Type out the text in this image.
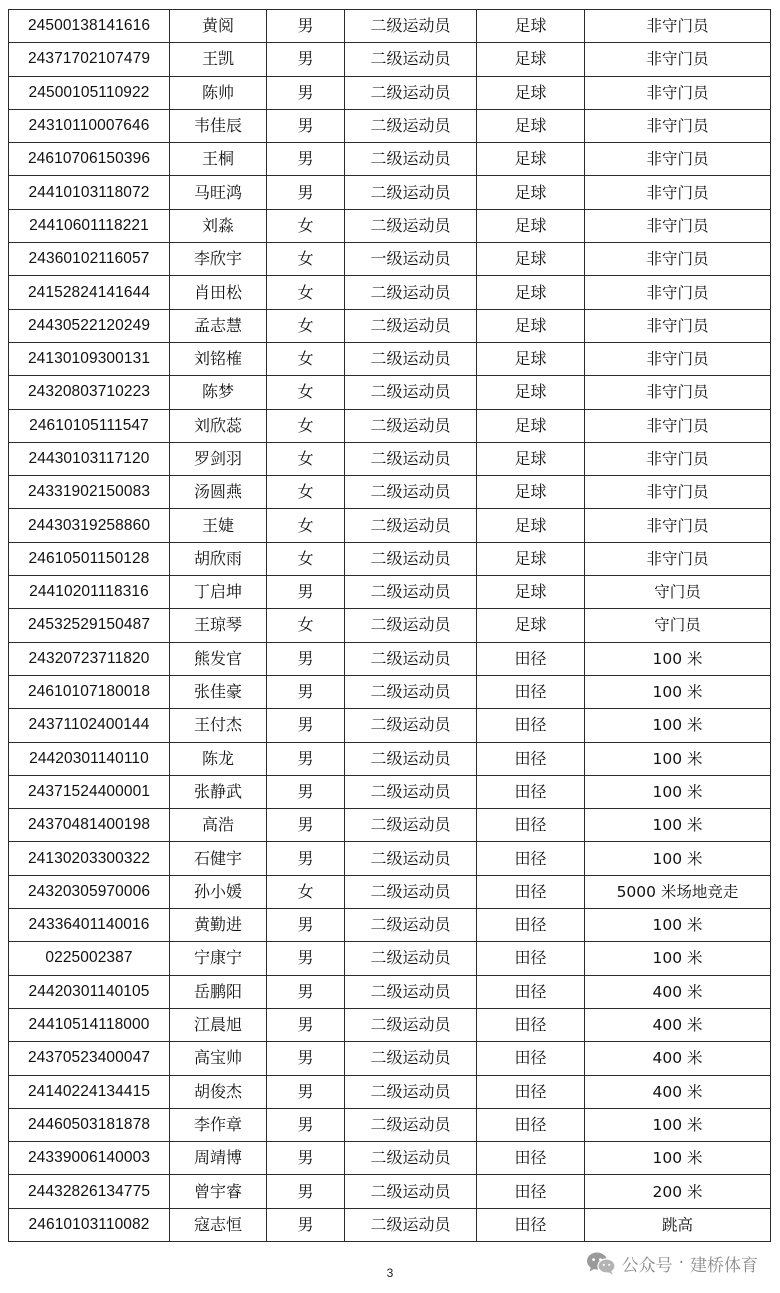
24500138141616	黄阅	男	二级运动员	足球	非守门员
24371702107479	王凯	男	二级运动员	足球	非守门员
24500105110922	陈帅	男	二级运动员	足球	非守门员
24310110007646	韦佳辰	男	二级运动员	足球	非守门员
24610706150396	王桐	男	二级运动员	足球	非守门员
24410103118072	马旺鸿	男	二级运动员	足球	非守门员
24410601118221	刘淼	女	二级运动员	足球	非守门员
24360102116057	李欣宇	女	一级运动员	足球	非守门员
24152824141644	肖田松	女	二级运动员	足球	非守门员
24430522120249	孟志慧	女	二级运动员	足球	非守门员
24130109300131	刘铭榷	女	二级运动员	足球	非守门员
24320803710223	陈梦	女	二级运动员	足球	非守门员
24610105111547	刘欣蕊	女	二级运动员	足球	非守门员
24430103117120	罗剑羽	女	二级运动员	足球	非守门员
24331902150083	汤圆燕	女	二级运动员	足球	非守门员
24430319258860	王婕	女	二级运动员	足球	非守门员
24610501150128	胡欣雨	女	二级运动员	足球	非守门员
24410201118316	丁启坤	男	二级运动员	足球	守门员
24532529150487	王琼琴	女	二级运动员	足球	守门员
24320723711820	熊发官	男	二级运动员	田径	100 米
24610107180018	张佳豪	男	二级运动员	田径	100 米
24371102400144	王付杰	男	二级运动员	田径	100 米
24420301140110	陈龙	男	二级运动员	田径	100 米
24371524400001	张静武	男	二级运动员	田径	100 米
24370481400198	高浩	男	二级运动员	田径	100 米
24130203300322	石健宇	男	二级运动员	田径	100 米
24320305970006	孙小媛	女	二级运动员	田径	5000 米场地竞走
24336401140016	黄勤进	男	二级运动员	田径	100 米
0225002387	宁康宁	男	二级运动员	田径	100 米
24420301140105	岳鹏阳	男	二级运动员	田径	400 米
24410514118000	江晨旭	男	二级运动员	田径	400 米
24370523400047	高宝帅	男	二级运动员	田径	400 米
24140224134415	胡俊杰	男	二级运动员	田径	400 米
24460503181878	李作章	男	二级运动员	田径	100 米
24339006140003	周靖博	男	二级运动员	田径	100 米
24432826134775	曾宇睿	男	二级运动员	田径	200 米
24610103110082	寇志恒	男	二级运动员	田径	跳高
3	公众号 · 建桥体育
